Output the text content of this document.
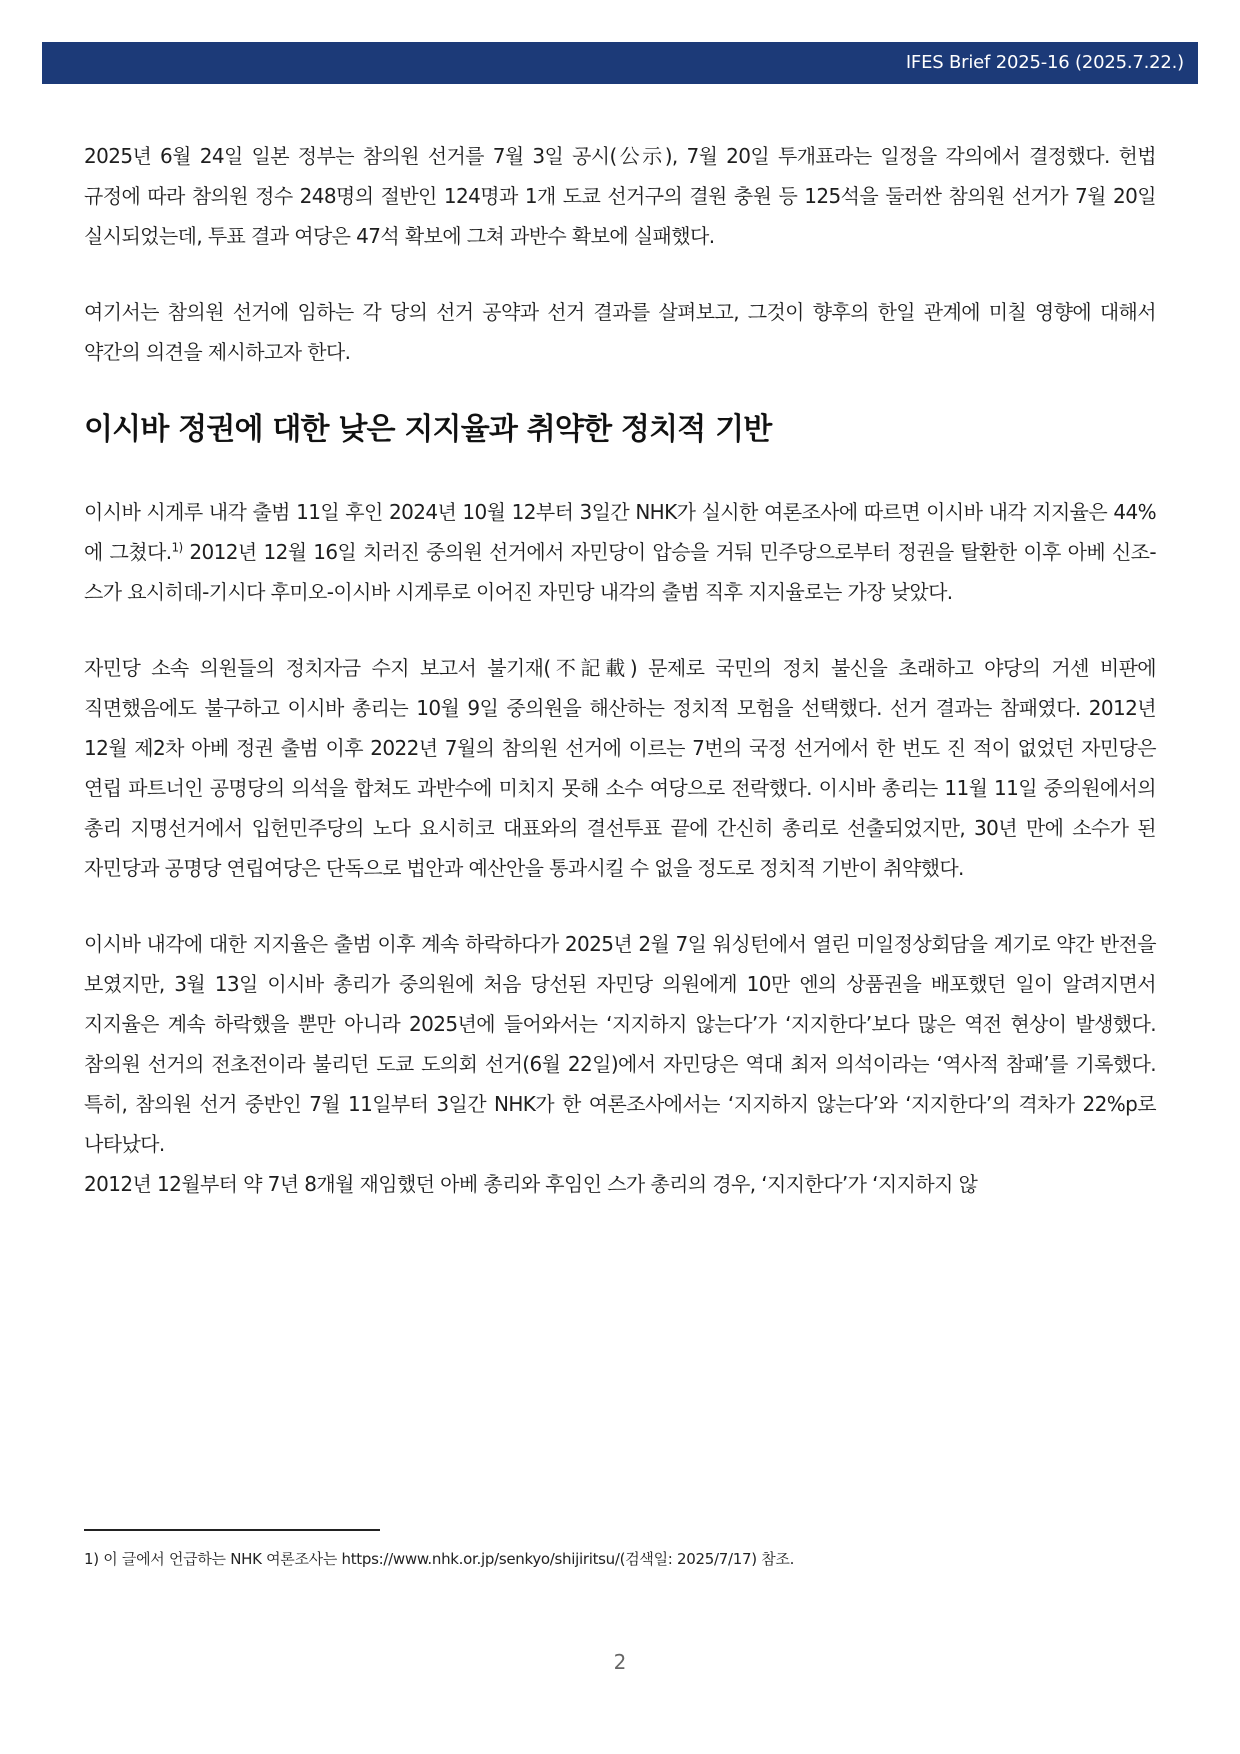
IFES Brief 2025-16 (2025.7.22.)

2025년 6월 24일 일본 정부는 참의원 선거를 7월 3일 공시(公示), 7월 20일 투개표라는 일정을 각의에서 결정했다. 헌법 규정에 따라 참의원 정수 248명의 절반인 124명과 1개 도쿄 선거구의 결원 충원 등 125석을 둘러싼 참의원 선거가 7월 20일 실시되었는데, 투표 결과 여당은 47석 확보에 그쳐 과반수 확보에 실패했다.

여기서는 참의원 선거에 임하는 각 당의 선거 공약과 선거 결과를 살펴보고, 그것이 향후의 한일 관계에 미칠 영향에 대해서 약간의 의견을 제시하고자 한다.

이시바 정권에 대한 낮은 지지율과 취약한 정치적 기반

이시바 시게루 내각 출범 11일 후인 2024년 10월 12부터 3일간 NHK가 실시한 여론조사에 따르면 이시바 내각 지지율은 44%에 그쳤다.$^{1)}$ 2012년 12월 16일 치러진 중의원 선거에서 자민당이 압승을 거둬 민주당으로부터 정권을 탈환한 이후 아베 신조-스가 요시히데-기시다 후미오-이시바 시게루로 이어진 자민당 내각의 출범 직후 지지율로는 가장 낮았다.

자민당 소속 의원들의 정치자금 수지 보고서 불기재(不記載) 문제로 국민의 정치 불신을 초래하고 야당의 거센 비판에 직면했음에도 불구하고 이시바 총리는 10월 9일 중의원을 해산하는 정치적 모험을 선택했다. 선거 결과는 참패였다. 2012년 12월 제2차 아베 정권 출범 이후 2022년 7월의 참의원 선거에 이르는 7번의 국정 선거에서 한 번도 진 적이 없었던 자민당은 연립 파트너인 공명당의 의석을 합쳐도 과반수에 미치지 못해 소수 여당으로 전락했다. 이시바 총리는 11월 11일 중의원에서의 총리 지명선거에서 입헌민주당의 노다 요시히코 대표와의 결선투표 끝에 간신히 총리로 선출되었지만, 30년 만에 소수가 된 자민당과 공명당 연립여당은 단독으로 법안과 예산안을 통과시킬 수 없을 정도로 정치적 기반이 취약했다.

이시바 내각에 대한 지지율은 출범 이후 계속 하락하다가 2025년 2월 7일 워싱턴에서 열린 미일정상회담을 계기로 약간 반전을 보였지만, 3월 13일 이시바 총리가 중의원에 처음 당선된 자민당 의원에게 10만 엔의 상품권을 배포했던 일이 알려지면서 지지율은 계속 하락했을 뿐만 아니라 2025년에 들어와서는 ‘지지하지 않는다’가 ‘지지한다’보다 많은 역전 현상이 발생했다. 참의원 선거의 전초전이라 불리던 도쿄 도의회 선거(6월 22일)에서 자민당은 역대 최저 의석이라는 ‘역사적 참패’를 기록했다. 특히, 참의원 선거 중반인 7월 11일부터 3일간 NHK가 한 여론조사에서는 ‘지지하지 않는다’와 ‘지지한다’의 격차가 22%p로 나타났다.

2012년 12월부터 약 7년 8개월 재임했던 아베 총리와 후임인 스가 총리의 경우, ‘지지한다’가 ‘지지하지 않

1) 이 글에서 언급하는 NHK 여론조사는 https://www.nhk.or.jp/senkyo/shijiritsu/(검색일: 2025/7/17) 참조.
2
